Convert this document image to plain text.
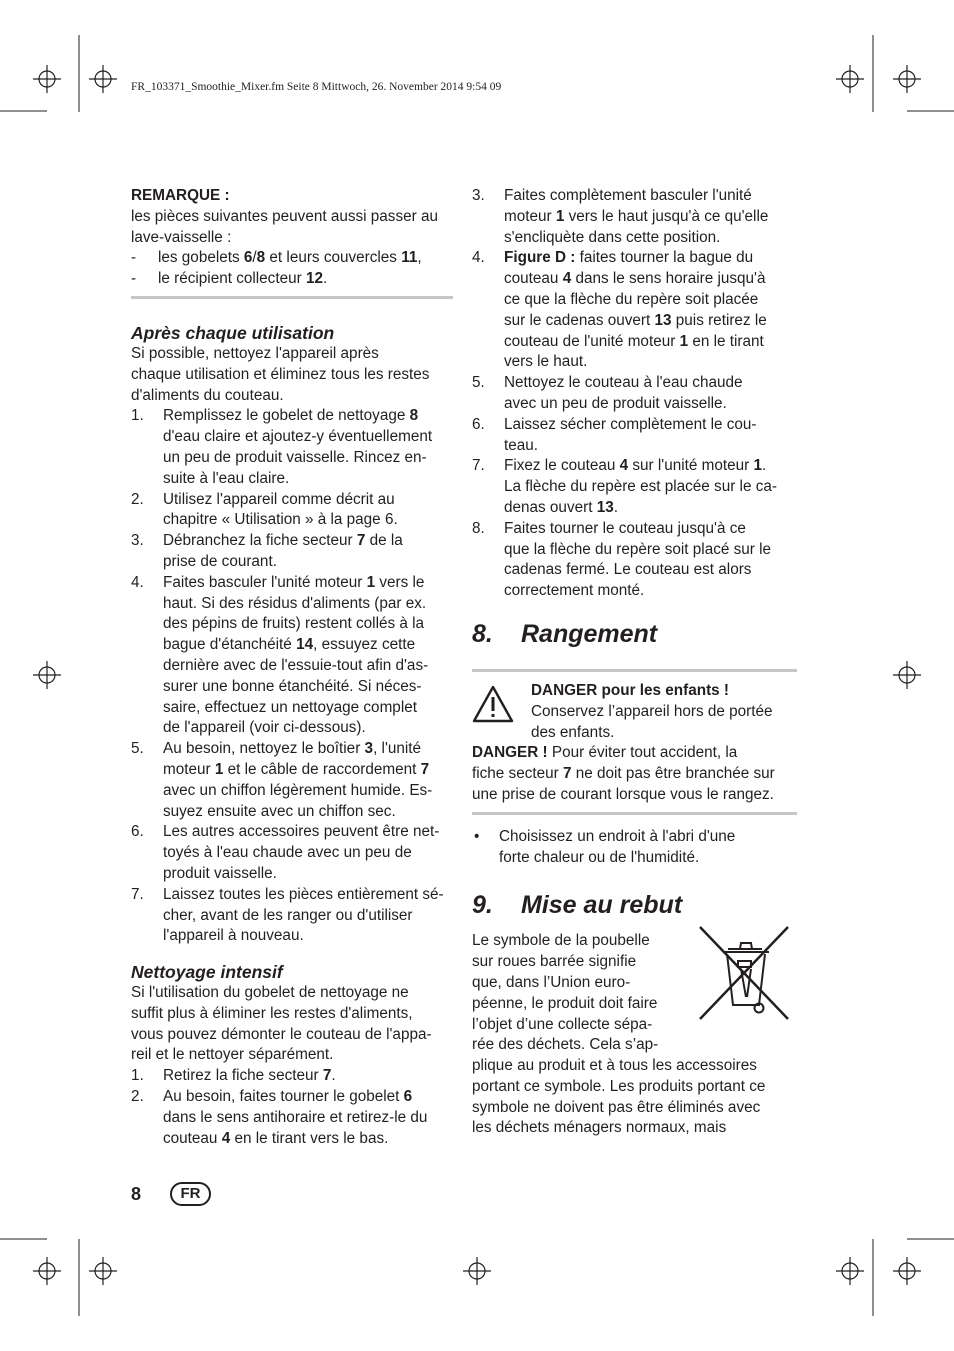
FR_103371_Smoothie_Mixer.fm Seite 8 Mittwoch, 26. November 2014 9:54 09
REMARQUE :
les pièces suivantes peuvent aussi passer au
lave-vaisselle :
- les gobelets 6/8 et leurs couvercles 11,
- le récipient collecteur 12.
Après chaque utilisation
Si possible, nettoyez l'appareil après
chaque utilisation et éliminez tous les restes
d'aliments du couteau.
1. Remplissez le gobelet de nettoyage 8
d'eau claire et ajoutez-y éventuellement
un peu de produit vaisselle. Rincez en-
suite à l'eau claire.
2. Utilisez l'appareil comme décrit au
chapitre « Utilisation » à la page 6.
3. Débranchez la fiche secteur 7 de la
prise de courant.
4. Faites basculer l'unité moteur 1 vers le
haut. Si des résidus d'aliments (par ex.
des pépins de fruits) restent collés à la
bague d'étanchéité 14, essuyez cette
dernière avec de l'essuie-tout afin d'as-
surer une bonne étanchéité. Si néces-
saire, effectuez un nettoyage complet
de l'appareil (voir ci-dessous).
5. Au besoin, nettoyez le boîtier 3, l'unité
moteur 1 et le câble de raccordement 7
avec un chiffon légèrement humide. Es-
suyez ensuite avec un chiffon sec.
6. Les autres accessoires peuvent être net-
toyés à l'eau chaude avec un peu de
produit vaisselle.
7. Laissez toutes les pièces entièrement sé-
cher, avant de les ranger ou d'utiliser
l'appareil à nouveau.
Nettoyage intensif
Si l'utilisation du gobelet de nettoyage ne
suffit plus à éliminer les restes d'aliments,
vous pouvez démonter le couteau de l'appa-
reil et le nettoyer séparément.
1. Retirez la fiche secteur 7.
2. Au besoin, faites tourner le gobelet 6
dans le sens antihoraire et retirez-le du
couteau 4 en le tirant vers le bas.
3. Faites complètement basculer l'unité
moteur 1 vers le haut jusqu'à ce qu'elle
s'encliquète dans cette position.
4. Figure D : faites tourner la bague du
couteau 4 dans le sens horaire jusqu'à
ce que la flèche du repère soit placée
sur le cadenas ouvert 13 puis retirez le
couteau de l'unité moteur 1 en le tirant
vers le haut.
5. Nettoyez le couteau à l'eau chaude
avec un peu de produit vaisselle.
6. Laissez sécher complètement le cou-
teau.
7. Fixez le couteau 4 sur l'unité moteur 1.
La flèche du repère est placée sur le ca-
denas ouvert 13.
8. Faites tourner le couteau jusqu'à ce
que la flèche du repère soit placé sur le
cadenas fermé. Le couteau est alors
correctement monté.
8. Rangement
DANGER pour les enfants !
Conservez l’appareil hors de portée
des enfants.
DANGER ! Pour éviter tout accident, la
fiche secteur 7 ne doit pas être branchée sur
une prise de courant lorsque vous le rangez.
• Choisissez un endroit à l'abri d'une
forte chaleur ou de l'humidité.
9. Mise au rebut
Le symbole de la poubelle
sur roues barrée signifie
que, dans l’Union euro-
péenne, le produit doit faire
l’objet d’une collecte sépa-
rée des déchets. Cela s’ap-
plique au produit et à tous les accessoires
portant ce symbole. Les produits portant ce
symbole ne doivent pas être éliminés avec
les déchets ménagers normaux, mais
8	FR
